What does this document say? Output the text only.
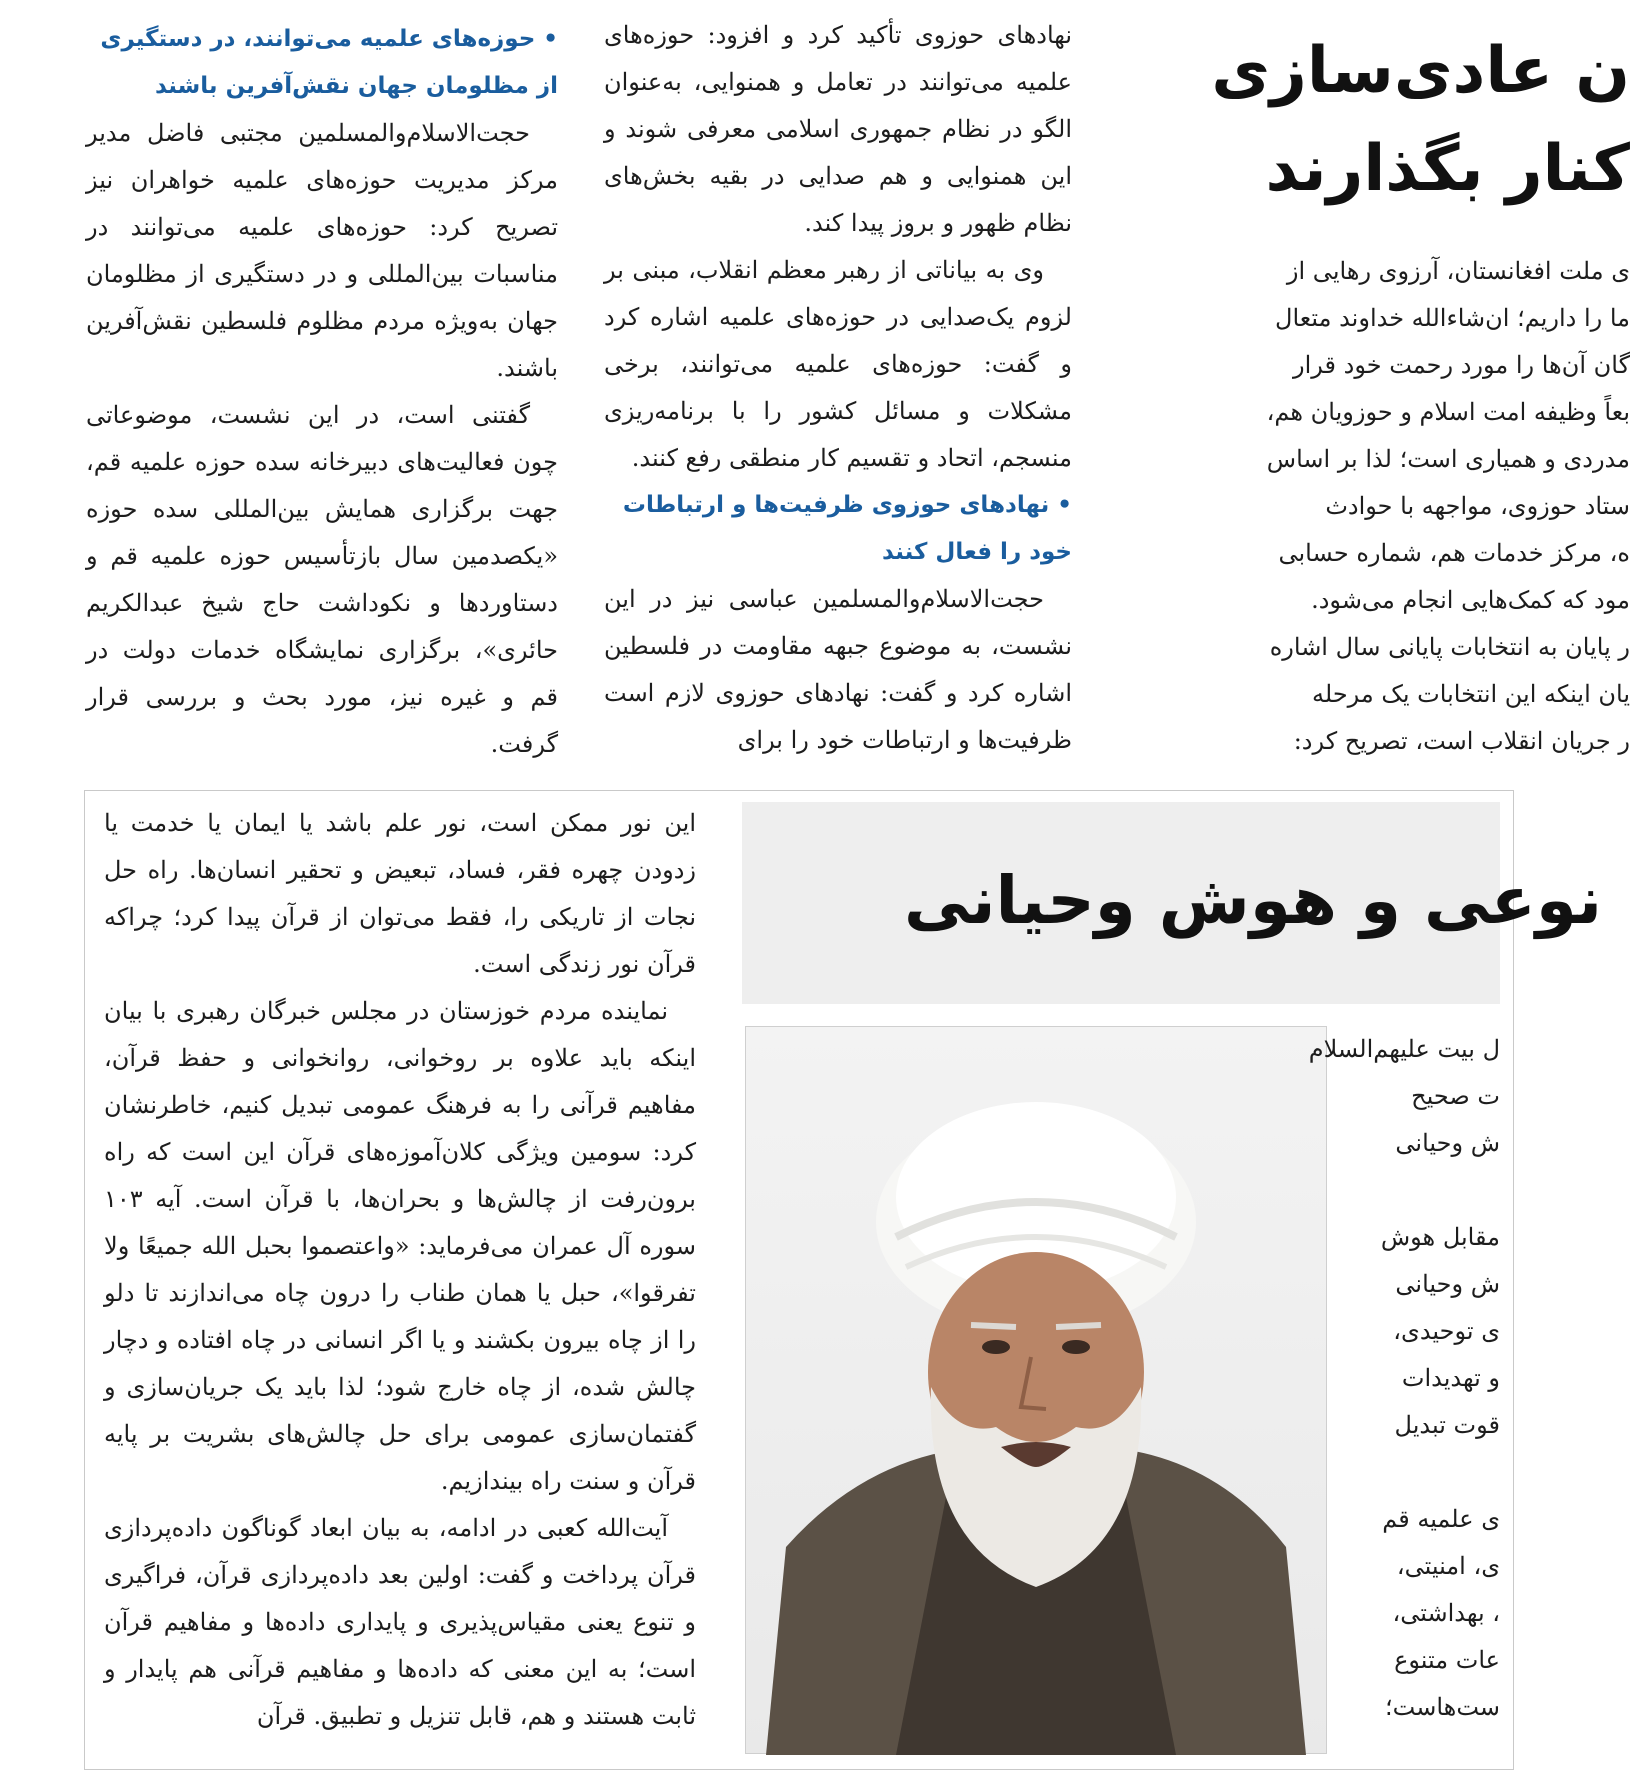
• حوزه‌های علمیه می‌توانند، در دستگیری
از مظلومان جهان نقش‌آفرین باشند

حجت‌الاسلام‌والمسلمین مجتبی فاضل مدیر مرکز مدیریت حوزه‌های علمیه خواهران نیز تصریح کرد: حوزه‌های علمیه می‌توانند در مناسبات بین‌المللی و در دستگیری از مظلومان جهان به‌ویژه مردم مظلوم فلسطین نقش‌آفرین باشند.

گفتنی است، در این نشست، موضوعاتی چون فعالیت‌های دبیرخانه سده حوزه علمیه قم، جهت برگزاری همایش بین‌المللی سده حوزه «یکصدمین سال بازتأسیس حوزه علمیه قم و دستاوردها و نکوداشت حاج شیخ عبدالکریم حائری»، برگزاری نمایشگاه خدمات دولت در قم و غیره نیز، مورد بحث و بررسی قرار گرفت.

نهادهای حوزوی تأکید کرد و افزود: حوزه‌های علمیه می‌توانند در تعامل و همنوایی، به‌عنوان الگو در نظام جمهوری اسلامی معرفی شوند و این همنوایی و هم صدایی در بقیه بخش‌های نظام ظهور و بروز پیدا کند.

وی به بیاناتی از رهبر معظم انقلاب، مبنی بر لزوم یک‌صدایی در حوزه‌های علمیه اشاره کرد و گفت: حوزه‌های علمیه می‌توانند، برخی مشکلات و مسائل کشور را با برنامه‌ریزی منسجم، اتحاد و تقسیم کار منطقی رفع کنند.

• نهادهای حوزوی ظرفیت‌ها و ارتباطات
خود را فعال کنند

حجت‌الاسلام‌والمسلمین عباسی نیز در این نشست، به موضوع جبهه مقاومت در فلسطین اشاره کرد و گفت: نهادهای حوزوی لازم است ظرفیت‌ها و ارتباطات خود را برای

ن عادی‌سازی
کنار بگذارند
ی ملت افغانستان، آرزوی رهایی از
ما را داریم؛ ان‌شاءالله خداوند متعال
گان آن‌ها را مورد رحمت خود قرار
بعاً وظیفه امت اسلام و حوزویان هم،
مدردی و همیاری است؛ لذا بر اساس
ستاد حوزوی، مواجهه با حوادث
ه، مرکز خدمات هم، شماره حسابی
مود که کمک‌هایی انجام می‌شود.
ر پایان به انتخابات پایانی سال اشاره
یان اینکه این انتخابات یک مرحله
ر جریان انقلاب است، تصریح کرد:

این نور ممکن است، نور علم باشد یا ایمان یا خدمت یا زدودن چهره فقر، فساد، تبعیض و تحقیر انسان‌ها. راه حل نجات از تاریکی را، فقط می‌توان از قرآن پیدا کرد؛ چراکه قرآن نور زندگی است.

نماینده مردم خوزستان در مجلس خبرگان رهبری با بیان اینکه باید علاوه بر روخوانی، روانخوانی و حفظ قرآن، مفاهیم قرآنی را به فرهنگ عمومی تبدیل کنیم، خاطرنشان کرد: سومین ویژگی کلان‌آموزه‌های قرآن این است که راه برون‌رفت از چالش‌ها و بحران‌ها، با قرآن است. آیه ۱۰۳ سوره آل عمران می‌فرماید: «واعتصموا بحبل الله جمیعًا ولا تفرقوا»، حبل یا همان طناب را درون چاه می‌اندازند تا دلو را از چاه بیرون بکشند و یا اگر انسانی در چاه افتاده و دچار چالش شده، از چاه خارج شود؛ لذا باید یک جریان‌سازی و گفتمان‌سازی عمومی برای حل چالش‌های بشریت بر پایه قرآن و سنت راه بیندازیم.

آیت‌الله کعبی در ادامه، به بیان ابعاد گوناگون داده‌پردازی قرآن پرداخت و گفت: اولین بعد داده‌پردازی قرآن، فراگیری و تنوع یعنی مقیاس‌پذیری و پایداری داده‌ها و مفاهیم قرآن است؛ به این معنی که داده‌ها و مفاهیم قرآنی هم پایدار و ثابت هستند و هم، قابل تنزیل و تطبیق. قرآن

نوعی و هوش وحیانی
ل بیت علیهم‌السلام
ت صحیح
ش وحیانی

مقابل هوش
ش وحیانی
ی توحیدی،
و تهدیدات
قوت تبدیل

ی علمیه قم
ی، امنیتی،
، بهداشتی،
عات متنوع
ست‌هاست؛
